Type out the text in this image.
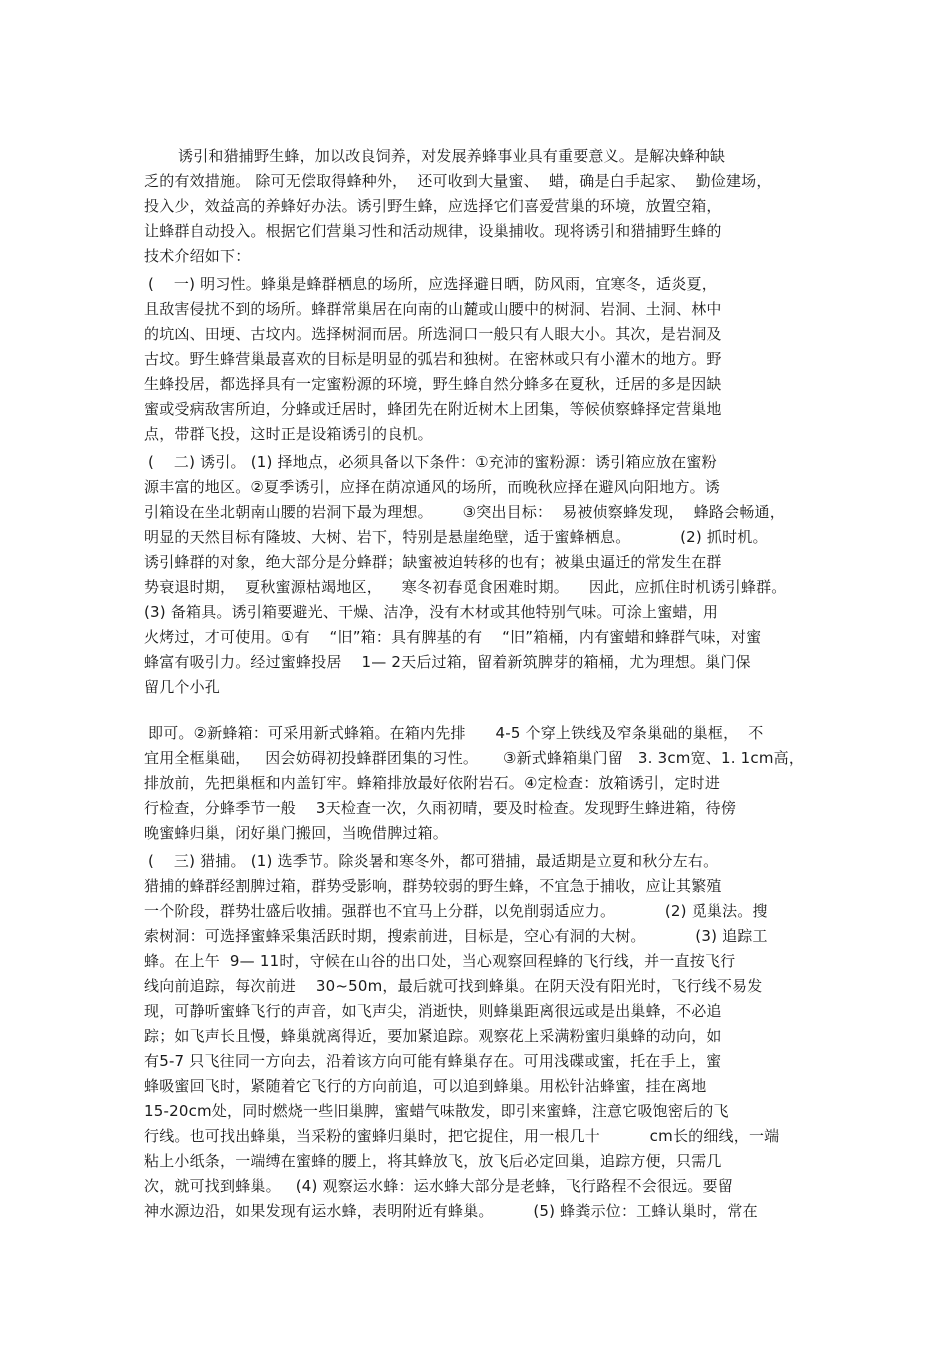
诱引和猎捕野生蜂，加以改良饲养，对发展养蜂事业具有重要意义。是解决蜂种缺
乏的有效措施。 除可无偿取得蜂种外，  还可收到大量蜜、  蜡，确是白手起家、  勤俭建场，
投入少，效益高的养蜂好办法。诱引野生蜂，应选择它们喜爱营巢的环境，放置空箱，
让蜂群自动投入。根据它们营巢习性和活动规律，设巢捕收。现将诱引和猎捕野生蜂的
技术介绍如下：
(    一) 明习性。蜂巢是蜂群栖息的场所，应选择避日晒，防风雨，宜寒冬，适炎夏，
且敌害侵扰不到的场所。蜂群常巢居在向南的山麓或山腰中的树洞、岩洞、土洞、林中
的坑凶、田埂、古坟内。选择树洞而居。所选洞口一般只有人眼大小。其次，是岩洞及
古坟。野生蜂营巢最喜欢的目标是明显的弧岩和独树。在密林或只有小灌木的地方。野
生蜂投居，都选择具有一定蜜粉源的环境，野生蜂自然分蜂多在夏秋，迁居的多是因缺
蜜或受病敌害所迫，分蜂或迁居时，蜂团先在附近树木上团集，等候侦察蜂择定营巢地
点，带群飞投，这时正是设箱诱引的良机。
(    二) 诱引。 (1) 择地点，必须具备以下条件：①充沛的蜜粉源：诱引箱应放在蜜粉
源丰富的地区。②夏季诱引，应择在荫凉通风的场所，而晚秋应择在避风向阳地方。诱
引箱设在坐北朝南山腰的岩洞下最为理想。      ③突出目标：  易被侦察蜂发现，  蜂路会畅通，
明显的天然目标有隆坡、大树、岩下，特别是悬崖绝壁，适于蜜蜂栖息。          (2) 抓时机。
诱引蜂群的对象，绝大部分是分蜂群；缺蜜被迫转移的也有；被巢虫逼迁的常发生在群
势衰退时期，  夏秋蜜源枯竭地区，    寒冬初春觅食困难时期。    因此，应抓住时机诱引蜂群。
(3) 备箱具。诱引箱要避光、干燥、洁净，没有木材或其他特别气味。可涂上蜜蜡，用
火烤过，才可使用。①有    “旧”箱：具有脾基的有    “旧”箱桶，内有蜜蜡和蜂群气味，对蜜
蜂富有吸引力。经过蜜蜂投居    1— 2天后过箱，留着新筑脾芽的箱桶，尤为理想。巢门保
留几个小孔
即可。②新蜂箱：可采用新式蜂箱。在箱内先排      4-5 个穿上铁线及窄条巢础的巢框，  不
宜用全框巢础，   因会妨碍初投蜂群团集的习性。     ③新式蜂箱巢门留   3. 3cm宽、1. 1cm高，
排放前，先把巢框和内盖钉牢。蜂箱排放最好依附岩石。④定检查：放箱诱引，定时进
行检查，分蜂季节一般    3天检查一次，久雨初晴，要及时检查。发现野生蜂进箱，待傍
晚蜜蜂归巢，闭好巢门搬回，当晚借脾过箱。
(    三) 猎捕。 (1) 选季节。除炎暑和寒冬外，都可猎捕，最适期是立夏和秋分左右。
猎捕的蜂群经割脾过箱，群势受影响，群势较弱的野生蜂，不宜急于捕收，应让其繁殖
一个阶段，群势壮盛后收捕。强群也不宜马上分群，以免削弱适应力。          (2) 觅巢法。搜
索树洞：可选择蜜蜂采集活跃时期，搜索前进，目标是，空心有洞的大树。          (3) 追踪工
蜂。在上午  9— 11时，守候在山谷的出口处，当心观察回程蜂的飞行线，并一直按飞行
线向前追踪，每次前进    30~50m，最后就可找到蜂巢。在阴天没有阳光时，飞行线不易发
现，可静听蜜蜂飞行的声音，如飞声尖，消逝快，则蜂巢距离很远或是出巢蜂，不必追
踪；如飞声长且慢，蜂巢就离得近，要加紧追踪。观察花上采满粉蜜归巢蜂的动向，如
有5-7 只飞往同一方向去，沿着该方向可能有蜂巢存在。可用浅碟或蜜，托在手上，蜜
蜂吸蜜回飞时，紧随着它飞行的方向前追，可以追到蜂巢。用松针沾蜂蜜，挂在离地
15-20cm处，同时燃烧一些旧巢脾，蜜蜡气味散发，即引来蜜蜂，注意它吸饱密后的飞
行线。也可找出蜂巢，当采粉的蜜蜂归巢时，把它捉住，用一根几十          cm长的细线，一端
粘上小纸条，一端缚在蜜蜂的腰上，将其蜂放飞，放飞后必定回巢，追踪方便，只需几
次，就可找到蜂巢。   (4) 观察运水蜂：运水蜂大部分是老蜂，飞行路程不会很远。要留
神水源边沿，如果发现有运水蜂，表明附近有蜂巢。        (5) 蜂粪示位：工蜂认巢时，常在
